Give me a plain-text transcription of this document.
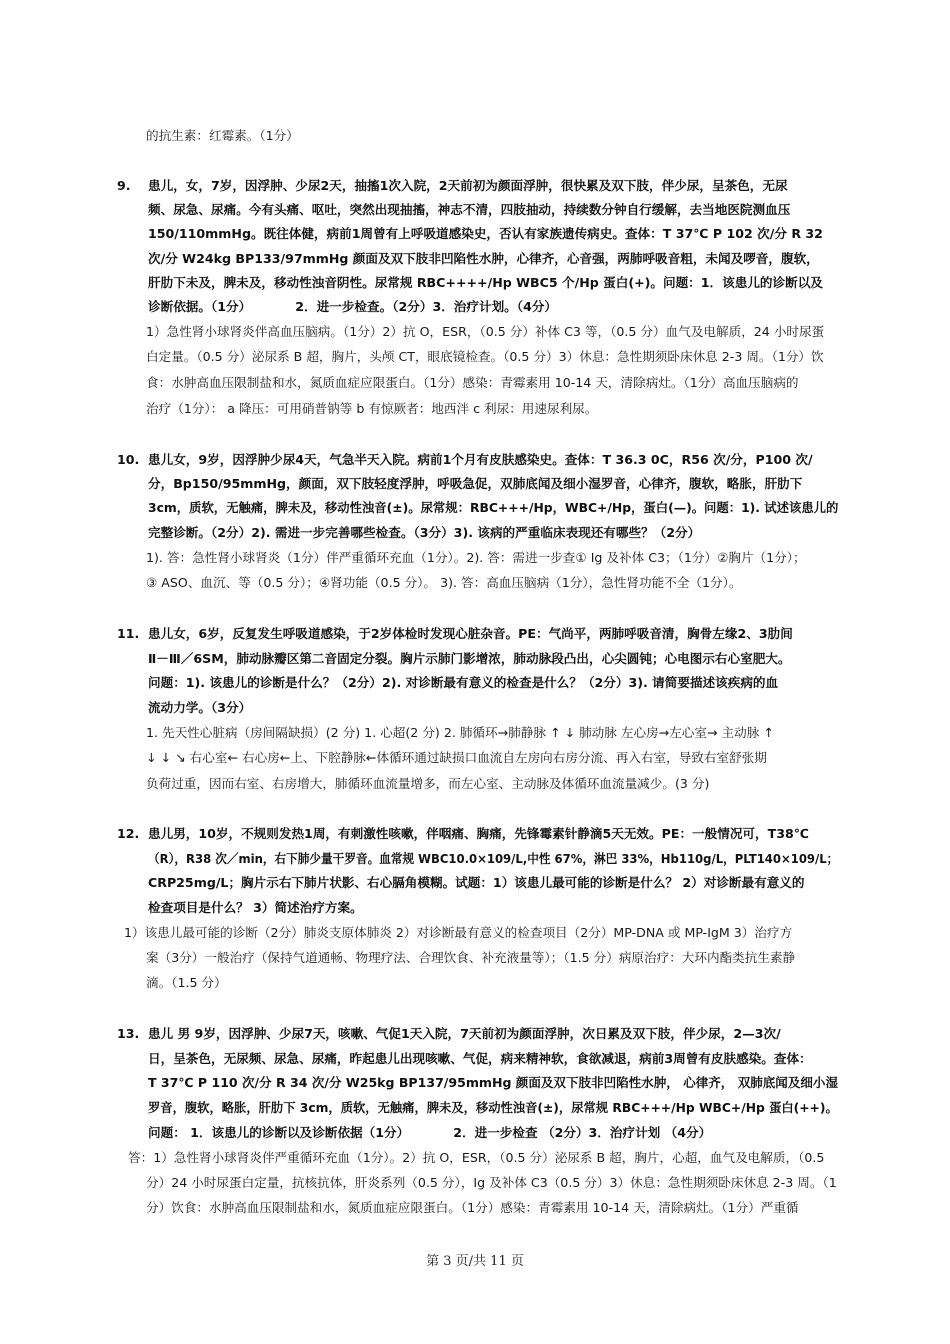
的抗生素：红霉素。（1分）
9. 患儿，女，7岁，因浮肿、少尿2天，抽搐1次入院，2天前初为颜面浮肿，很快累及双下肢，伴少尿，呈茶色，无尿
频、尿急、尿痛。今有头痛、呕吐，突然出现抽搐，神志不清，四肢抽动，持续数分钟自行缓解，去当地医院测血压
150/110mmHg。既往体健，病前1周曾有上呼吸道感染史，否认有家族遗传病史。查体：T 37℃ P 102 次/分 R 32
次/分 W24kg BP133/97mmHg 颜面及双下肢非凹陷性水肿，心律齐，心音强，两肺呼吸音粗，未闻及啰音，腹软，
肝肋下未及，脾未及，移动性浊音阴性。尿常规 RBC++++/Hp WBC5 个/Hp 蛋白(+)。问题：1．该患儿的诊断以及
诊断依据。（1分）　　　　2．进一步检查。（2分）3．治疗计划。（4分）
1）急性肾小球肾炎伴高血压脑病。（1分）2）抗 O，ESR，（0.5 分）补体 C3 等，（0.5 分）血气及电解质，24 小时尿蛋
白定量。（0.5 分）泌尿系 B 超，胸片，头颅 CT，眼底镜检查。（0.5 分）3）休息：急性期须卧床休息 2-3 周。（1分）饮
食：水肿高血压限制盐和水，氮质血症应限蛋白。（1分）感染：青霉素用 10-14 天，清除病灶。（1分）高血压脑病的
治疗（1分）： a 降压：可用硝普钠等 b 有惊厥者：地西泮 c 利尿：用速尿利尿。
10. 患儿女，9岁，因浮肿少尿4天，气急半天入院。病前1个月有皮肤感染史。查体：T 36.3 0C，R56 次/分，P100 次/
分，Bp150/95mmHg，颜面，双下肢轻度浮肿，呼吸急促，双肺底闻及细小湿罗音，心律齐，腹软，略胀，肝肋下
3cm，质软，无触痛，脾未及，移动性浊音(±)。尿常规：RBC+++/Hp，WBC+/Hp，蛋白(—)。问题：1). 试述该患儿的
完整诊断。（2分）2). 需进一步完善哪些检查。（3分）3). 该病的严重临床表现还有哪些？（2分）
1). 答：急性肾小球肾炎（1分）伴严重循环充血（1分）。2). 答：需进一步查① Ig 及补体 C3；（1分）②胸片（1分）；
③ ASO、血沉、等（0.5 分）；④肾功能（0.5 分）。 3). 答：高血压脑病（1分），急性肾功能不全（1分）。
11. 患儿女，6岁，反复发生呼吸道感染，于2岁体检时发现心脏杂音。PE：气尚平，两肺呼吸音清，胸骨左缘2、3肋间
Ⅱ－Ⅲ／6SM，肺动脉瓣区第二音固定分裂。胸片示肺门影增浓，肺动脉段凸出，心尖圆钝；心电图示右心室肥大。
问题：1). 该患儿的诊断是什么？（2分）2). 对诊断最有意义的检查是什么？（2分）3). 请简要描述该疾病的血
流动力学。（3分）
1. 先天性心脏病（房间隔缺损）(2 分) 1. 心超(2 分) 2. 肺循环→肺静脉 ↑ ↓ 肺动脉 左心房→左心室→ 主动脉 ↑
↓ ↓ ↘ 右心室← 右心房←上、下腔静脉←体循环通过缺损口血流自左房向右房分流、再入右室，导致右室舒张期
负荷过重，因而右室、右房增大，肺循环血流量增多，而左心室、主动脉及体循环血流量减少。(3 分)
12. 患儿男，10岁，不规则发热1周，有刺激性咳嗽，伴咽痛、胸痛，先锋霉素针静滴5天无效。PE：一般情况可，T38℃
（R），R38 次／min，右下肺少量干罗音。血常规 WBC10.0×109/L,中性 67%，淋巴 33%，Hb110g/L，PLT140×109/L；
CRP25mg/L；胸片示右下肺片状影、右心膈角模糊。试题：1）该患儿最可能的诊断是什么？ 2）对诊断最有意义的
检查项目是什么？ 3）简述治疗方案。
1）该患儿最可能的诊断（2分）肺炎支原体肺炎 2）对诊断最有意义的检查项目（2分）MP-DNA 或 MP-IgM 3）治疗方
案（3分）一般治疗（保持气道通畅、物理疗法、合理饮食、补充液量等）；（1.5 分）病原治疗：大环内酯类抗生素静
滴。（1.5 分）
13. 患儿 男 9岁，因浮肿、少尿7天，咳嗽、气促1天入院，7天前初为颜面浮肿，次日累及双下肢，伴少尿，2—3次/
日，呈茶色，无尿频、尿急、尿痛，昨起患儿出现咳嗽、气促，病来精神软，食欲减退，病前3周曾有皮肤感染。查体：
T 37℃ P 110 次/分 R 34 次/分 W25kg BP137/95mmHg 颜面及双下肢非凹陷性水肿， 心律齐， 双肺底闻及细小湿
罗音，腹软，略胀，肝肋下 3cm，质软，无触痛，脾未及，移动性浊音(±)，尿常规 RBC+++/Hp WBC+/Hp 蛋白(++)。
问题： 1．该患儿的诊断以及诊断依据（1分）　　　　2．进一步检查 （2分）3．治疗计划 （4分）
答：1）急性肾小球肾炎伴严重循环充血（1分）。2）抗 O，ESR，（0.5 分）泌尿系 B 超，胸片，心超，血气及电解质，（0.5
分）24 小时尿蛋白定量，抗核抗体，肝炎系列（0.5 分），Ig 及补体 C3（0.5 分）3）休息：急性期须卧床休息 2-3 周。（1
分）饮食：水肿高血压限制盐和水，氮质血症应限蛋白。（1分）感染：青霉素用 10-14 天，清除病灶。（1分）严重循
第 3 页/共 11 页
